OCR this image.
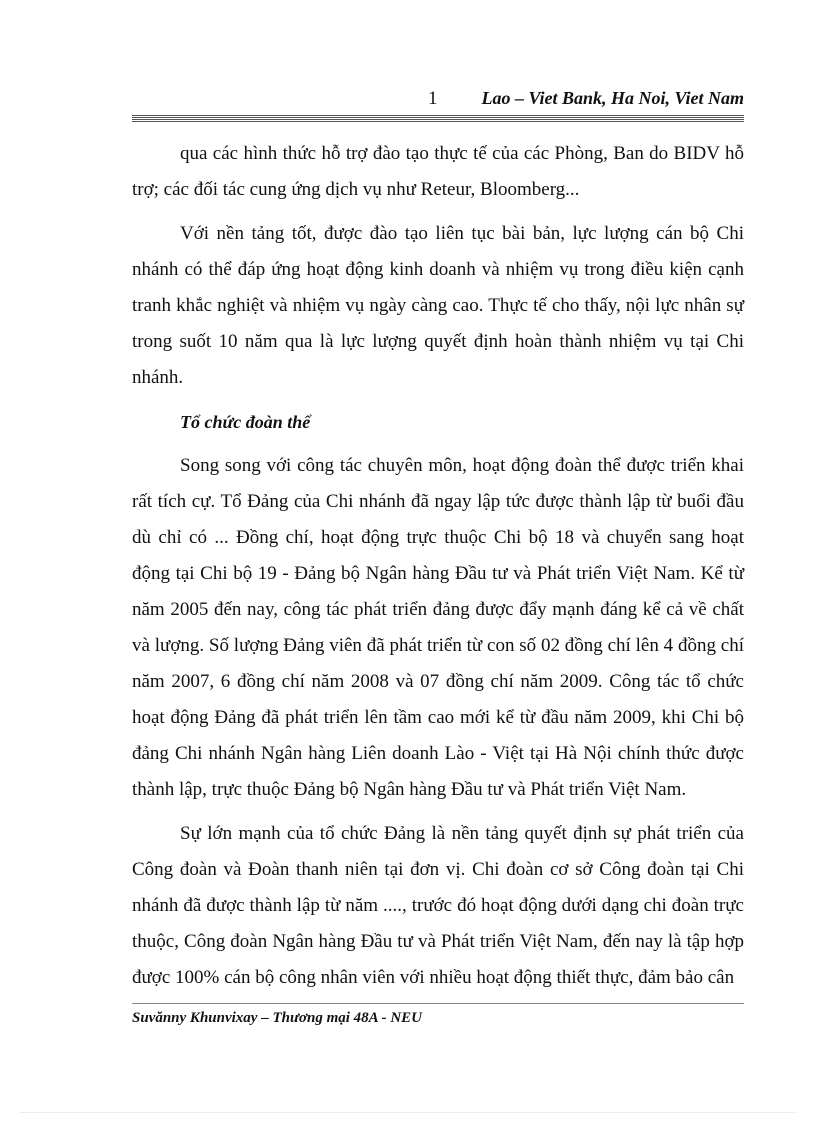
1 Lao – Viet Bank, Ha Noi, Viet Nam

qua các hình thức hỗ trợ đào tạo thực tế của các Phòng, Ban do BIDV hỗ trợ; các đối tác cung ứng dịch vụ như Reteur, Bloomberg...

Với nền tảng tốt, được đào tạo liên tục bài bản, lực lượng cán bộ Chi nhánh có thể đáp ứng hoạt động kinh doanh và nhiệm vụ trong điều kiện cạnh tranh khắc nghiệt và nhiệm vụ ngày càng cao. Thực tế cho thấy, nội lực nhân sự trong suốt 10 năm qua là lực lượng quyết định hoàn thành nhiệm vụ tại Chi nhánh.

Tổ chức đoàn thể

Song song với công tác chuyên môn, hoạt động đoàn thể được triển khai rất tích cự. Tổ Đảng của Chi nhánh đã ngay lập tức được thành lập từ buổi đầu dù chỉ có ... Đồng chí, hoạt động trực thuộc Chi bộ 18 và chuyển sang hoạt động tại Chi bộ 19 - Đảng bộ Ngân hàng Đầu tư và Phát triển Việt Nam. Kể từ năm 2005 đến nay, công tác phát triển đảng được đẩy mạnh đáng kể cả về chất và lượng. Số lượng Đảng viên đã phát triển từ con số 02 đồng chí lên 4 đồng chí năm 2007, 6 đồng chí năm 2008 và 07 đồng chí năm 2009. Công tác tổ chức hoạt động Đảng đã phát triển lên tầm cao mới kể từ đầu năm 2009, khi Chi bộ đảng Chi nhánh Ngân hàng Liên doanh Lào - Việt tại Hà Nội chính thức được thành lập, trực thuộc Đảng bộ Ngân hàng Đầu tư và Phát triển Việt Nam.

Sự lớn mạnh của tổ chức Đảng là nền tảng quyết định sự phát triển của Công đoàn và Đoàn thanh niên tại đơn vị. Chi đoàn cơ sở Công đoàn tại Chi nhánh đã được thành lập từ năm ...., trước đó hoạt động dưới dạng chi đoàn trực thuộc, Công đoàn Ngân hàng Đầu tư và Phát triển Việt Nam, đến nay là tập hợp được 100% cán bộ công nhân viên với nhiều hoạt động thiết thực, đảm bảo cân

Suvănny Khunvixay – Thương mại 48A - NEU
